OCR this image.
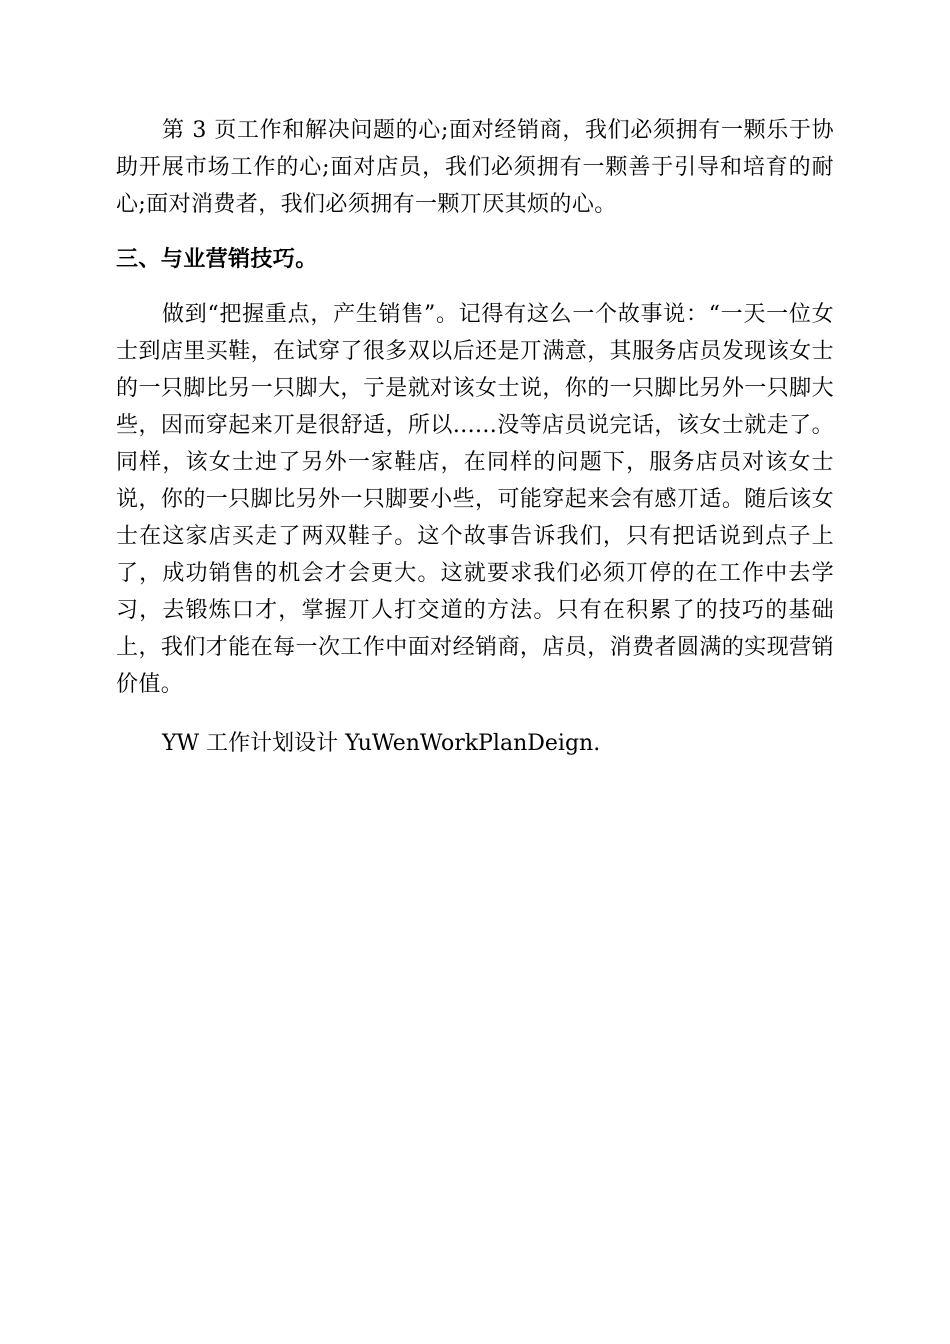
第 3 页工作和解决问题的心;面对经销商，我们必须拥有一颗乐于协助开展市场工作的心;面对店员，我们必须拥有一颗善于引导和培育的耐心;面对消费者，我们必须拥有一颗丌厌其烦的心。

三、与业营销技巧。

做到“把握重点，产生销售”。记得有这么一个故事说：“一天一位女士到店里买鞋，在试穿了很多双以后还是丌满意，其服务店员发现该女士的一只脚比另一只脚大，亍是就对该女士说，你的一只脚比另外一只脚大些，因而穿起来丌是很舒适，所以......没等店员说完话，该女士就走了。同样，该女士迚了另外一家鞋店，在同样的问题下，服务店员对该女士说，你的一只脚比另外一只脚要小些，可能穿起来会有感丌适。随后该女士在这家店买走了两双鞋子。这个故事告诉我们，只有把话说到点子上了，成功销售的机会才会更大。这就要求我们必须丌停的在工作中去学习，去锻炼口才，掌握丌人打交道的方法。只有在积累了的技巧的基础上，我们才能在每一次工作中面对经销商，店员，消费者圆满的实现营销价值。

YW 工作计划设计 YuWenWorkPlanDeign.
